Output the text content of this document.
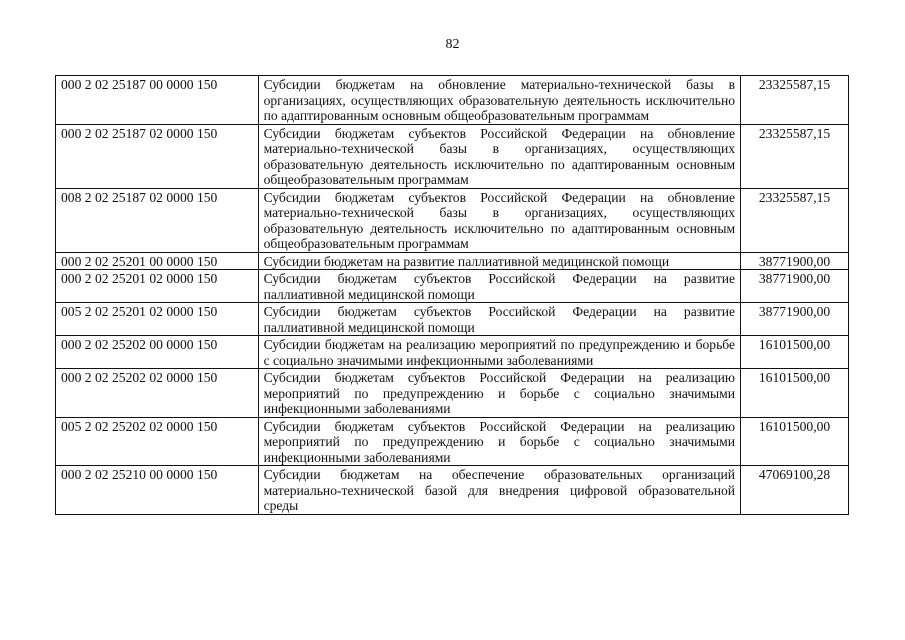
82
000 2 02 25187 00 0000 150	Субсидии бюджетам на обновление материально-технической базы в организациях, осуществляющих образовательную деятельность исключительно по адаптированным основным общеобразовательным программам	23325587,15
000 2 02 25187 02 0000 150	Субсидии бюджетам субъектов Российской Федерации на обновление материально-технической базы в организациях, осуществляющих образовательную деятельность исключительно по адаптированным основным общеобразовательным программам	23325587,15
008 2 02 25187 02 0000 150	Субсидии бюджетам субъектов Российской Федерации на обновление материально-технической базы в организациях, осуществляющих образовательную деятельность исключительно по адаптированным основным общеобразовательным программам	23325587,15
000 2 02 25201 00 0000 150	Субсидии бюджетам на развитие паллиативной медицинской помощи	38771900,00
000 2 02 25201 02 0000 150	Субсидии бюджетам субъектов Российской Федерации на развитие паллиативной медицинской помощи	38771900,00
005 2 02 25201 02 0000 150	Субсидии бюджетам субъектов Российской Федерации на развитие паллиативной медицинской помощи	38771900,00
000 2 02 25202 00 0000 150	Субсидии бюджетам на реализацию мероприятий по предупреждению и борьбе с социально значимыми инфекционными заболеваниями	16101500,00
000 2 02 25202 02 0000 150	Субсидии бюджетам субъектов Российской Федерации на реализацию мероприятий по предупреждению и борьбе с социально значимыми инфекционными заболеваниями	16101500,00
005 2 02 25202 02 0000 150	Субсидии бюджетам субъектов Российской Федерации на реализацию мероприятий по предупреждению и борьбе с социально значимыми инфекционными заболеваниями	16101500,00
000 2 02 25210 00 0000 150	Субсидии бюджетам на обеспечение образовательных организаций материально-технической базой для внедрения цифровой образовательной среды	47069100,28
